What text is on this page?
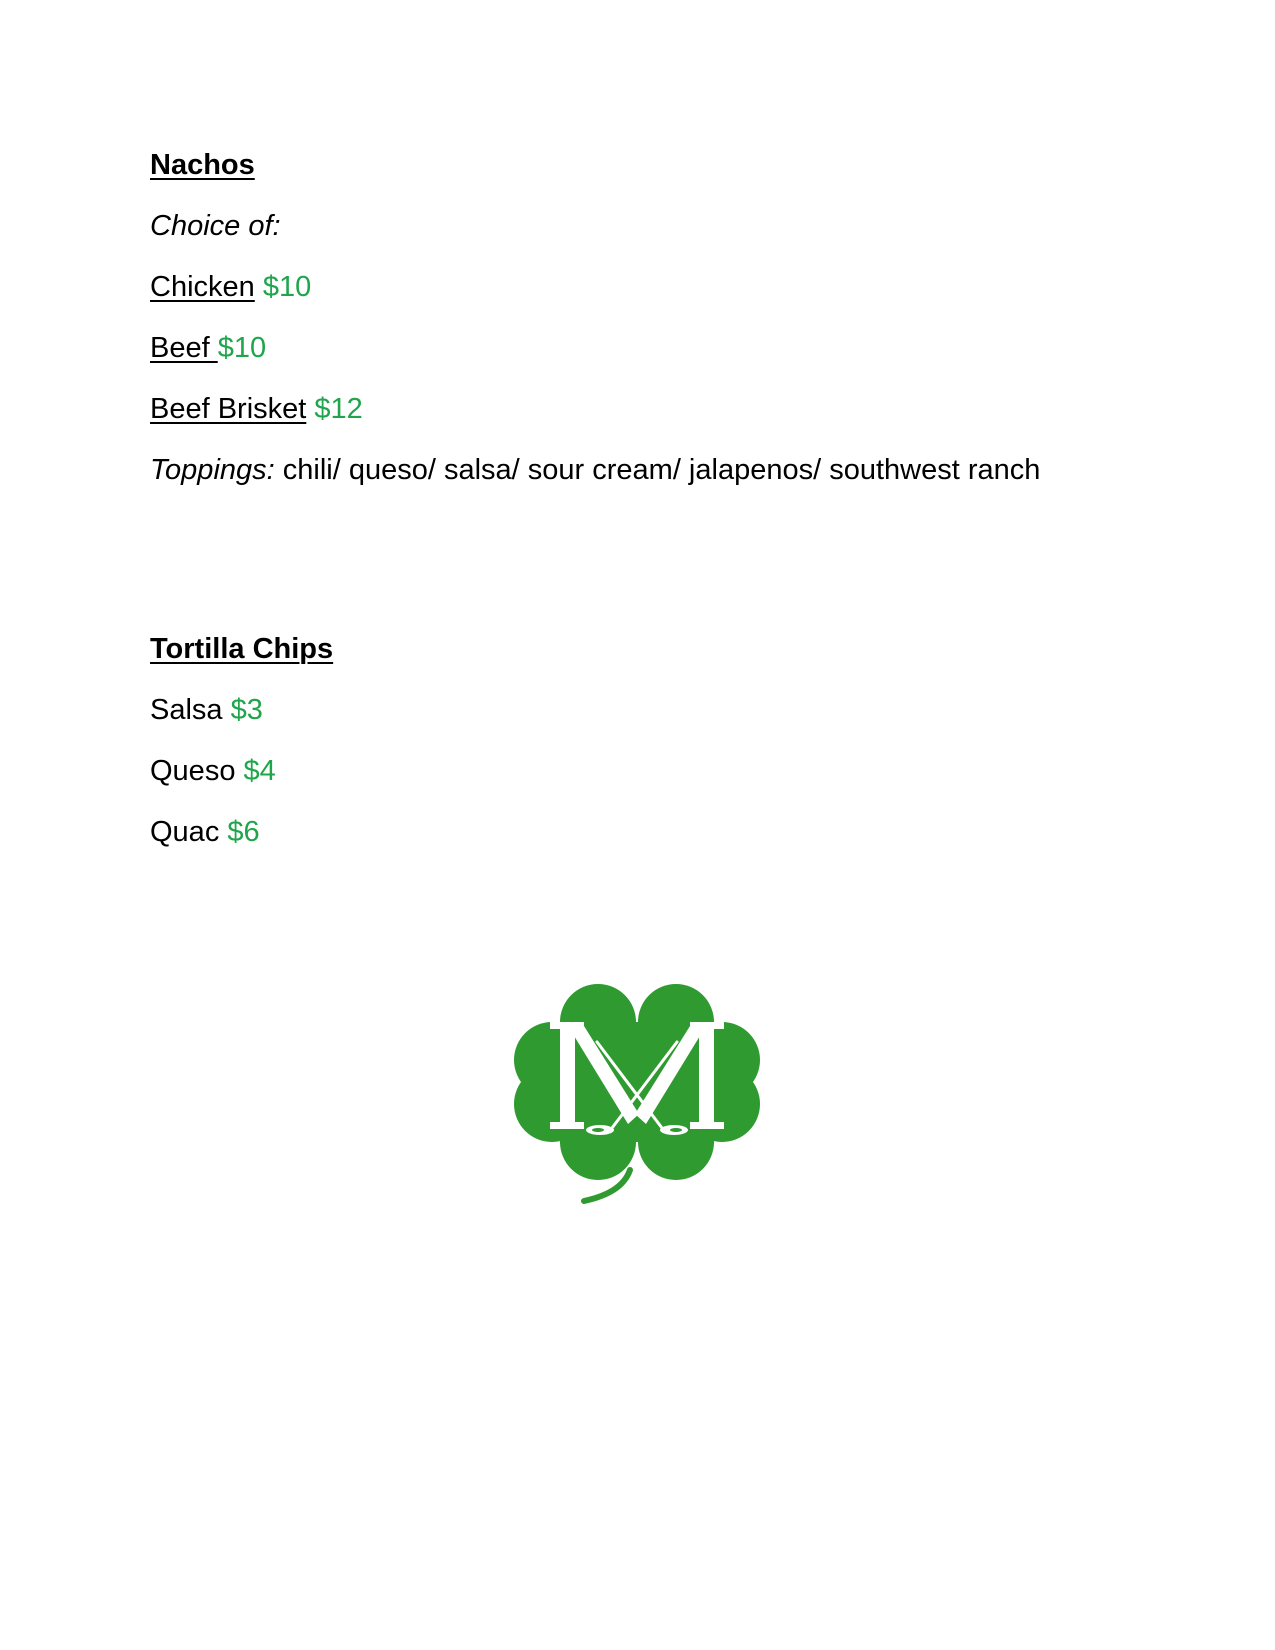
Nachos
Choice of:
Chicken $10
Beef $10
Beef Brisket $12
Toppings: chili/ queso/ salsa/ sour cream/ jalapenos/ southwest ranch
Tortilla Chips
Salsa $3
Queso $4
Quac $6
